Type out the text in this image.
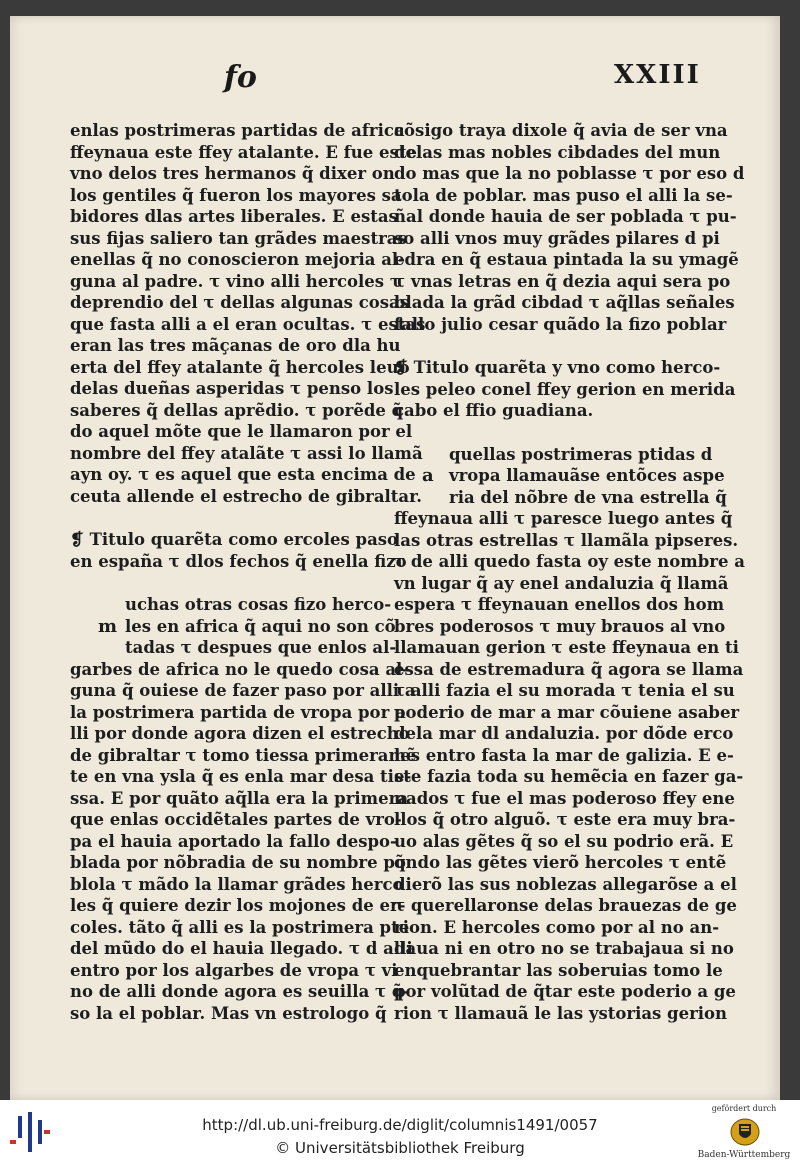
fo	XXIII
enlas postrimeras partidas de africa
ffeynaua este ffey atalante. E fue este
vno delos tres hermanos q̃ dixer on
los gentiles q̃ fueron los mayores sa
bidores dlas artes liberales. E estas
sus fijas saliero tan grãdes maestras
enellas q̃ no conoscieron mejoria al-
guna al padre. τ vino alli hercoles τ
deprendio del τ dellas algunas cosas
que fasta alli a el eran ocultas. τ estas
eran las tres mãçanas de oro dla hu
erta del ffey atalante q̃ hercoles leuo
delas dueñas asperidas τ penso los
saberes q̃ dellas aprẽdio. τ porẽde q̃
do aquel mõte que le llamaron por el
nombre del ffey atalãte τ assi lo llamã
ayn oy. τ es aquel que esta encima de
ceuta allende el estrecho de gibraltar.
❡ Titulo quarẽta como ercoles paso
en españa τ dlos fechos q̃ enella fizo
uchas otras cosas fizo herco-
m les en africa q̃ aqui no son cõ
tadas τ despues que enlos al-
garbes de africa no le quedo cosa al-
guna q̃ ouiese de fazer paso por alli a
la postrimera partida de vropa por a
lli por donde agora dizen el estrecho
de gibraltar τ tomo tiessa primeramẽ
te en vna ysla q̃ es enla mar desa tie-
ssa. E por quãto aq̃lla era la primera
que enlas occidẽtales partes de vro-
pa el hauia aportado la fallo despo-
blada por nõbradia de su nombre po
blola τ mãdo la llamar grãdes herco
les q̃ quiere dezir los mojones de er-
coles. tãto q̃ alli es la postrimera pte
del mũdo do el hauia llegado. τ d alli
entro por los algarbes de vropa τ vi
no de alli donde agora es seuilla τ q̃-
so la el poblar. Mas vn estrologo q̃
cõsigo traya dixole q̃ avia de ser vna
delas mas nobles cibdades del mun
do mas que la no poblasse τ por eso d
tola de poblar. mas puso el alli la se-
ñal donde hauia de ser poblada τ pu-
so alli vnos muy grãdes pilares d pi
edra en q̃ estaua pintada la su ymagẽ
τ vnas letras en q̃ dezia aqui sera po
blada la grãd cibdad τ aq̃llas señales
fallo julio cesar quãdo la fizo poblar
❡ Titulo quarẽta y vno como herco-
les peleo conel ffey gerion en merida
cabo el ffio guadiana.
quellas postrimeras ptidas d
a vropa llamauãse entõces aspe
ria del nõbre de vna estrella q̃
ffeynaua alli τ paresce luego antes q̃
las otras estrellas τ llamãla pipseres.
τ de alli quedo fasta oy este nombre a
vn lugar q̃ ay enel andaluzia q̃ llamã
espera τ ffeynauan enellos dos hom
bres poderosos τ muy brauos al vno
llamauan gerion τ este ffeynaua en ti
essa de estremadura q̃ agora se llama
τ alli fazia el su morada τ tenia el su
poderio de mar a mar cõuiene asaber
dela mar dl andaluzia. por dõde erco
les entro fasta la mar de galizia. E e-
ste fazia toda su hemẽcia en fazer ga-
nados τ fue el mas poderoso ffey ene
llos q̃ otro alguõ. τ este era muy bra-
uo alas gẽtes q̃ so el su podrio erã. E
q̃ndo las gẽtes vierõ hercoles τ entẽ
dierõ las sus noblezas allegarõse a el
τ querellaronse delas brauezas de ge
rion. E hercoles como por al no an-
daua ni en otro no se trabajaua si no
enquebrantar las soberuias tomo le
por volũtad de q̃tar este poderio a ge
rion τ llamauã le las ystorias gerion
http://dl.ub.uni-freiburg.de/diglit/columnis1491/0057
© Universitätsbibliothek Freiburg
gefördert durch
Baden-Württemberg
